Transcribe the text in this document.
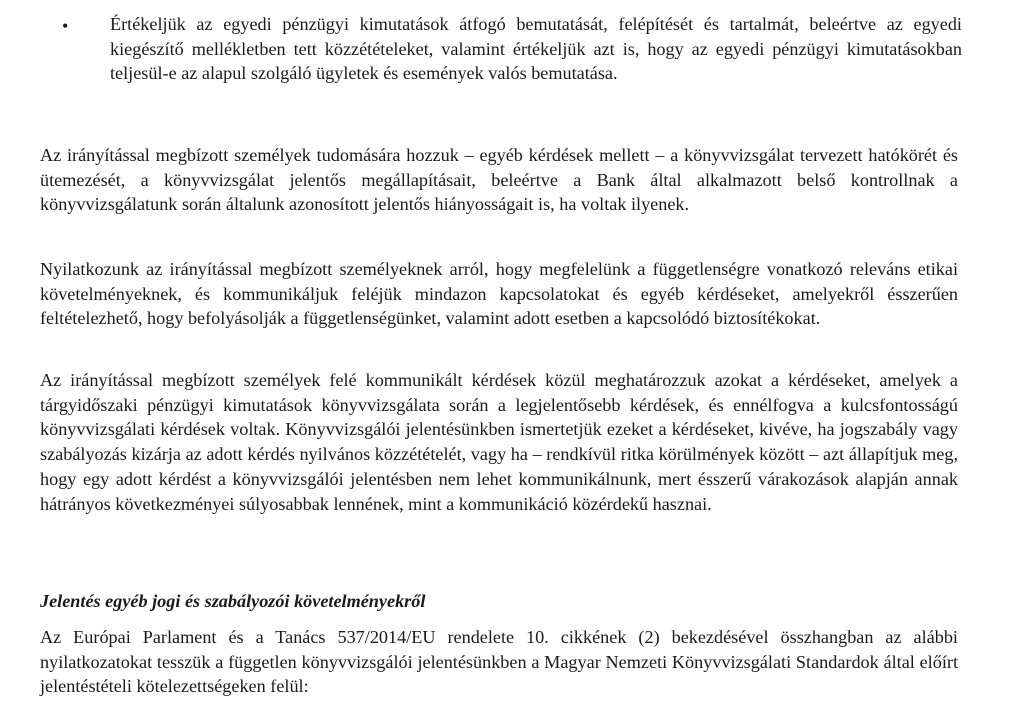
• Értékeljük az egyedi pénzügyi kimutatások átfogó bemutatását, felépítését és tartalmát, beleértve az egyedi kiegészítő mellékletben tett közzétételeket, valamint értékeljük azt is, hogy az egyedi pénzügyi kimutatásokban teljesül-e az alapul szolgáló ügyletek és események valós bemutatása.

Az irányítással megbízott személyek tudomására hozzuk – egyéb kérdések mellett – a könyvvizsgálat tervezett hatókörét és ütemezését, a könyvvizsgálat jelentős megállapításait, beleértve a Bank által alkalmazott belső kontrollnak a könyvvizsgálatunk során általunk azonosított jelentős hiányosságait is, ha voltak ilyenek.

Nyilatkozunk az irányítással megbízott személyeknek arról, hogy megfelelünk a függetlenségre vonatkozó releváns etikai követelményeknek, és kommunikáljuk feléjük mindazon kapcsolatokat és egyéb kérdéseket, amelyekről ésszerűen feltételezhető, hogy befolyásolják a függetlenségünket, valamint adott esetben a kapcsolódó biztosítékokat.

Az irányítással megbízott személyek felé kommunikált kérdések közül meghatározzuk azokat a kérdéseket, amelyek a tárgyidőszaki pénzügyi kimutatások könyvvizsgálata során a legjelentősebb kérdések, és ennélfogva a kulcsfontosságú könyvvizsgálati kérdések voltak. Könyvvizsgálói jelentésünkben ismertetjük ezeket a kérdéseket, kivéve, ha jogszabály vagy szabályozás kizárja az adott kérdés nyilvános közzétételét, vagy ha – rendkívül ritka körülmények között – azt állapítjuk meg, hogy egy adott kérdést a könyvvizsgálói jelentésben nem lehet kommunikálnunk, mert ésszerű várakozások alapján annak hátrányos következményei súlyosabbak lennének, mint a kommunikáció közérdekű hasznai.

Jelentés egyéb jogi és szabályozói követelményekről

Az Európai Parlament és a Tanács 537/2014/EU rendelete 10. cikkének (2) bekezdésével összhangban az alábbi nyilatkozatokat tesszük a független könyvvizsgálói jelentésünkben a Magyar Nemzeti Könyvvizsgálati Standardok által előírt jelentéstételi kötelezettségeken felül:
